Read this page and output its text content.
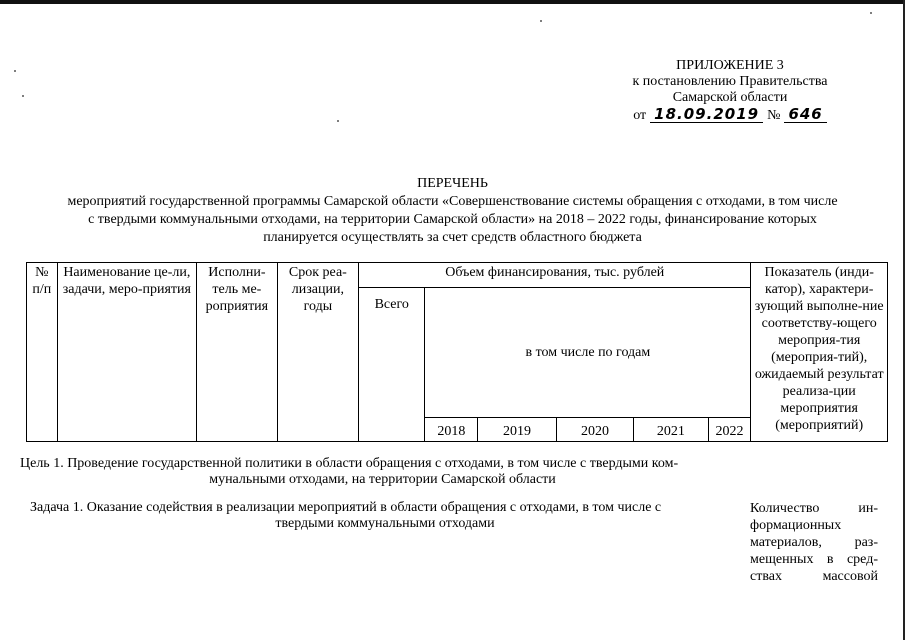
ПРИЛОЖЕНИЕ 3
к постановлению Правительства
Самарской области
от 18.09.2019 № 646
ПЕРЕЧЕНЬ
мероприятий государственной программы Самарской области «Совершенствование системы обращения с отходами, в том числе
с твердыми коммунальными отходами, на территории Самарской области» на 2018 – 2022 годы, финансирование которых
планируется осуществлять за счет средств областного бюджета
№ п/п	Наименование це-ли, задачи, меро-приятия	Исполни-тель ме-роприятия	Срок реа-лизации, годы	Объем финансирования, тыс. рублей						Показатель (инди-катор), характери-зующий выполне-ние соответству-ющего мероприя-тия (мероприя-тий), ожидаемый результат реализа-ции мероприятия (мероприятий)
				Всего	в том числе по годам					
					2018	2019	2020	2021	2022	
Цель 1. Проведение государственной политики в области обращения с отходами, в том числе с твердыми ком-
мунальными отходами, на территории Самарской области
Задача 1. Оказание содействия в реализации мероприятий в области обращения с отходами, в том числе с
твердыми коммунальными отходами
Количество ин-
формационных
материалов, раз-
мещенных в сред-
ствах массовой
